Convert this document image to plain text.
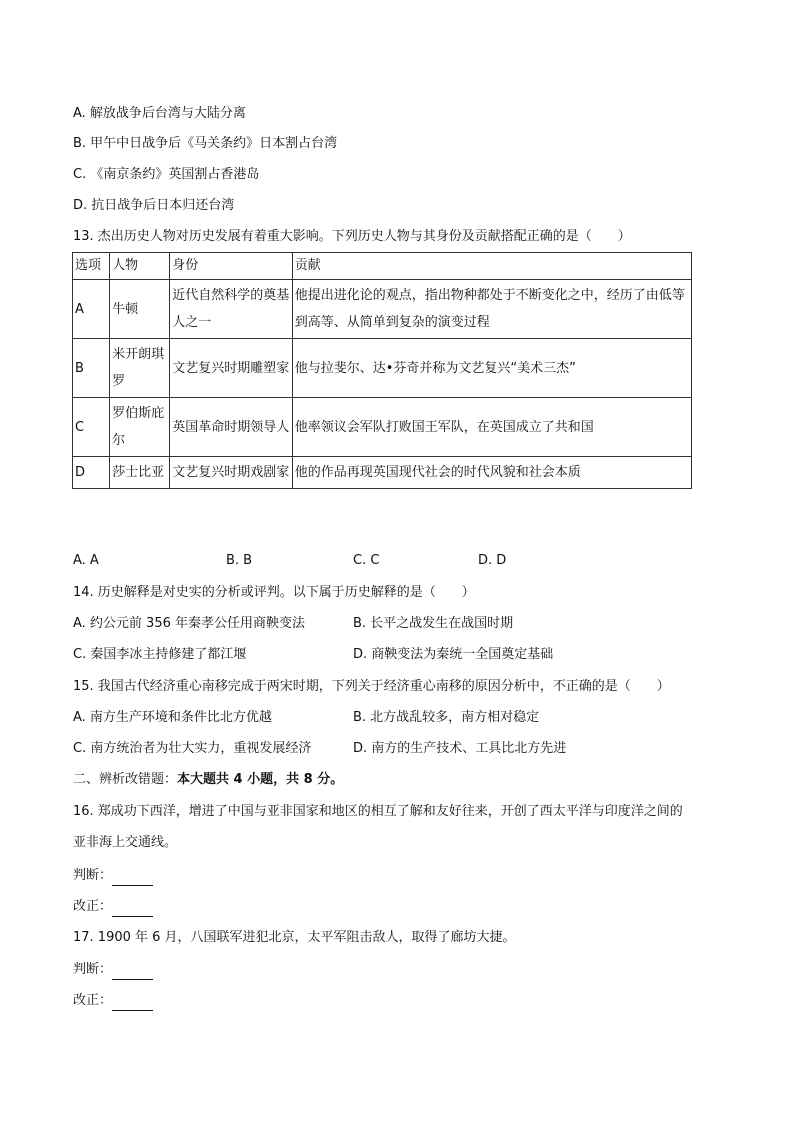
A. 解放战争后台湾与大陆分离
B. 甲午中日战争后《马关条约》日本割占台湾
C. 《南京条约》英国割占香港岛
D. 抗日战争后日本归还台湾
13. 杰出历史人物对历史发展有着重大影响。下列历史人物与其身份及贡献搭配正确的是（　　）
选项	人物	身份	贡献
A	牛顿	近代自然科学的奠基人之一	他提出进化论的观点，指出物种都处于不断变化之中，经历了由低等到高等、从简单到复杂的演变过程
B	米开朗琪罗	文艺复兴时期雕塑家	他与拉斐尔、达•芬奇并称为文艺复兴“美术三杰”
C	罗伯斯庇尔	英国革命时期领导人	他率领议会军队打败国王军队，在英国成立了共和国
D	莎士比亚	文艺复兴时期戏剧家	他的作品再现英国现代社会的时代风貌和社会本质
A. A	B. B	C. C	D. D
14. 历史解释是对史实的分析或评判。以下属于历史解释的是（　　）
A. 约公元前 356 年秦孝公任用商鞅变法	B. 长平之战发生在战国时期
C. 秦国李冰主持修建了都江堰	D. 商鞅变法为秦统一全国奠定基础
15. 我国古代经济重心南移完成于两宋时期，下列关于经济重心南移的原因分析中，不正确的是（　　）
A. 南方生产环境和条件比北方优越	B. 北方战乱较多，南方相对稳定
C. 南方统治者为壮大实力，重视发展经济	D. 南方的生产技术、工具比北方先进
二、辨析改错题：本大题共 4 小题，共 8 分。
16. 郑成功下西洋，增进了中国与亚非国家和地区的相互了解和友好往来，开创了西太平洋与印度洋之间的
亚非海上交通线。
判断：
改正：
17. 1900 年 6 月，八国联军进犯北京，太平军阻击敌人，取得了廊坊大捷。
判断：
改正：
